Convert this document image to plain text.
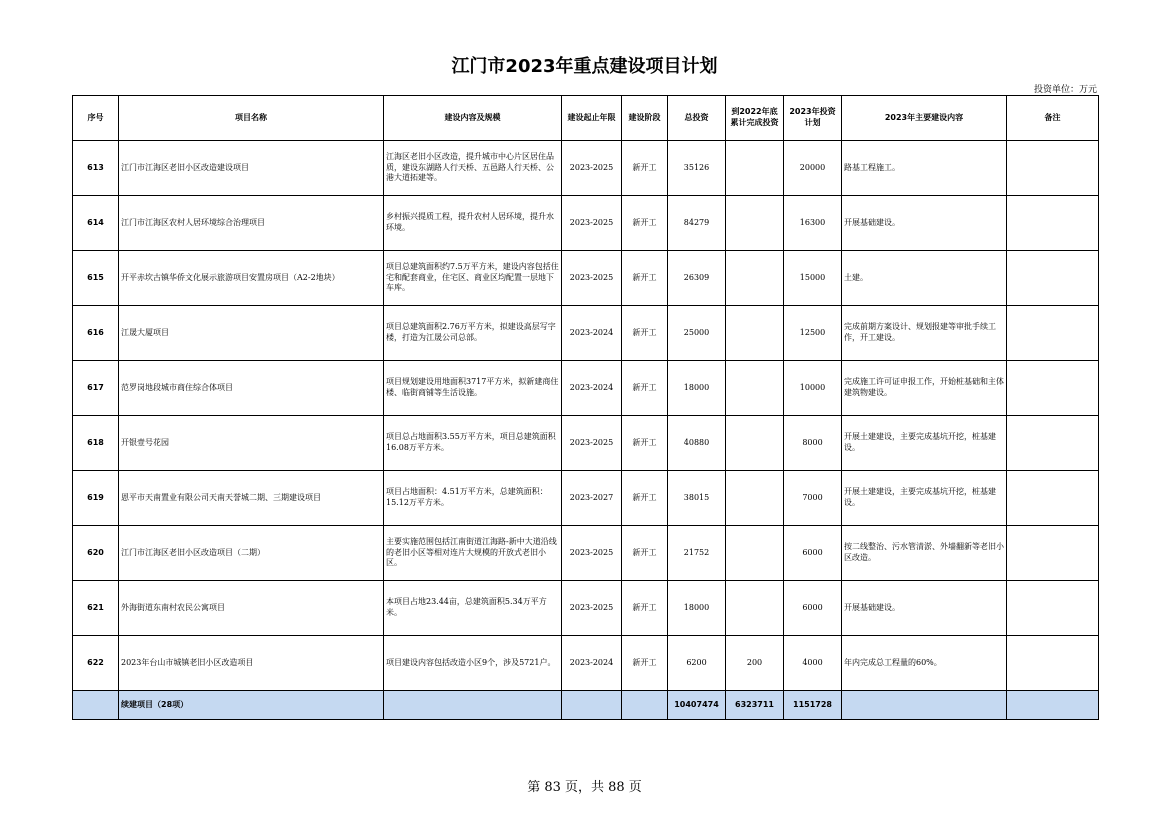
江门市2023年重点建设项目计划
投资单位：万元
序号	项目名称	建设内容及规模	建设起止年限	建设阶段	总投资	到2022年底累计完成投资	2023年投资计划	2023年主要建设内容	备注
613	江门市江海区老旧小区改造建设项目	江海区老旧小区改造，提升城市中心片区居住品质，建设东湖路人行天桥、五邑路人行天桥、公港大道拓建等。	2023-2025	新开工	35126		20000	路基工程施工。	
614	江门市江海区农村人居环境综合治理项目	乡村振兴提质工程，提升农村人居环境，提升水环境。	2023-2025	新开工	84279		16300	开展基础建设。	
615	开平赤坎古镇华侨文化展示旅游项目安置房项目（A2-2地块）	项目总建筑面积约7.5万平方米，建设内容包括住宅和配套商业，住宅区、商业区均配置一层地下车库。	2023-2025	新开工	26309		15000	土建。	
616	江晟大厦项目	项目总建筑面积2.76万平方米，拟建设高层写字楼，打造为江晟公司总部。	2023-2024	新开工	25000		12500	完成前期方案设计、规划报建等审批手续工作，开工建设。	
617	范罗岗地段城市商住综合体项目	项目规划建设用地面积3717平方米，拟新建商住楼、临街商铺等生活设施。	2023-2024	新开工	18000		10000	完成施工许可证申报工作，开始桩基础和主体建筑物建设。	
618	开银壹号花园	项目总占地面积3.55万平方米，项目总建筑面积16.08万平方米。	2023-2025	新开工	40880		8000	开展土建建设，主要完成基坑开挖，桩基建设。	
619	恩平市天南置业有限公司天南天誉城二期、三期建设项目	项目占地面积：4.51万平方米，总建筑面积：15.12万平方米。	2023-2027	新开工	38015		7000	开展土建建设，主要完成基坑开挖，桩基建设。	
620	江门市江海区老旧小区改造项目（二期）	主要实施范围包括江南街道江海路-新中大道沿线的老旧小区等相对连片大规模的开放式老旧小区。	2023-2025	新开工	21752		6000	按二线整治、污水管清淤、外墙翻新等老旧小区改造。	
621	外海街道东南村农民公寓项目	本项目占地23.44亩，总建筑面积5.34万平方米。	2023-2025	新开工	18000		6000	开展基础建设。	
622	2023年台山市城镇老旧小区改造项目	项目建设内容包括改造小区9个，涉及5721户。	2023-2024	新开工	6200	200	4000	年内完成总工程量的60%。	
	续建项目（28项）				10407474	6323711	1151728		
第 83 页，共 88 页
